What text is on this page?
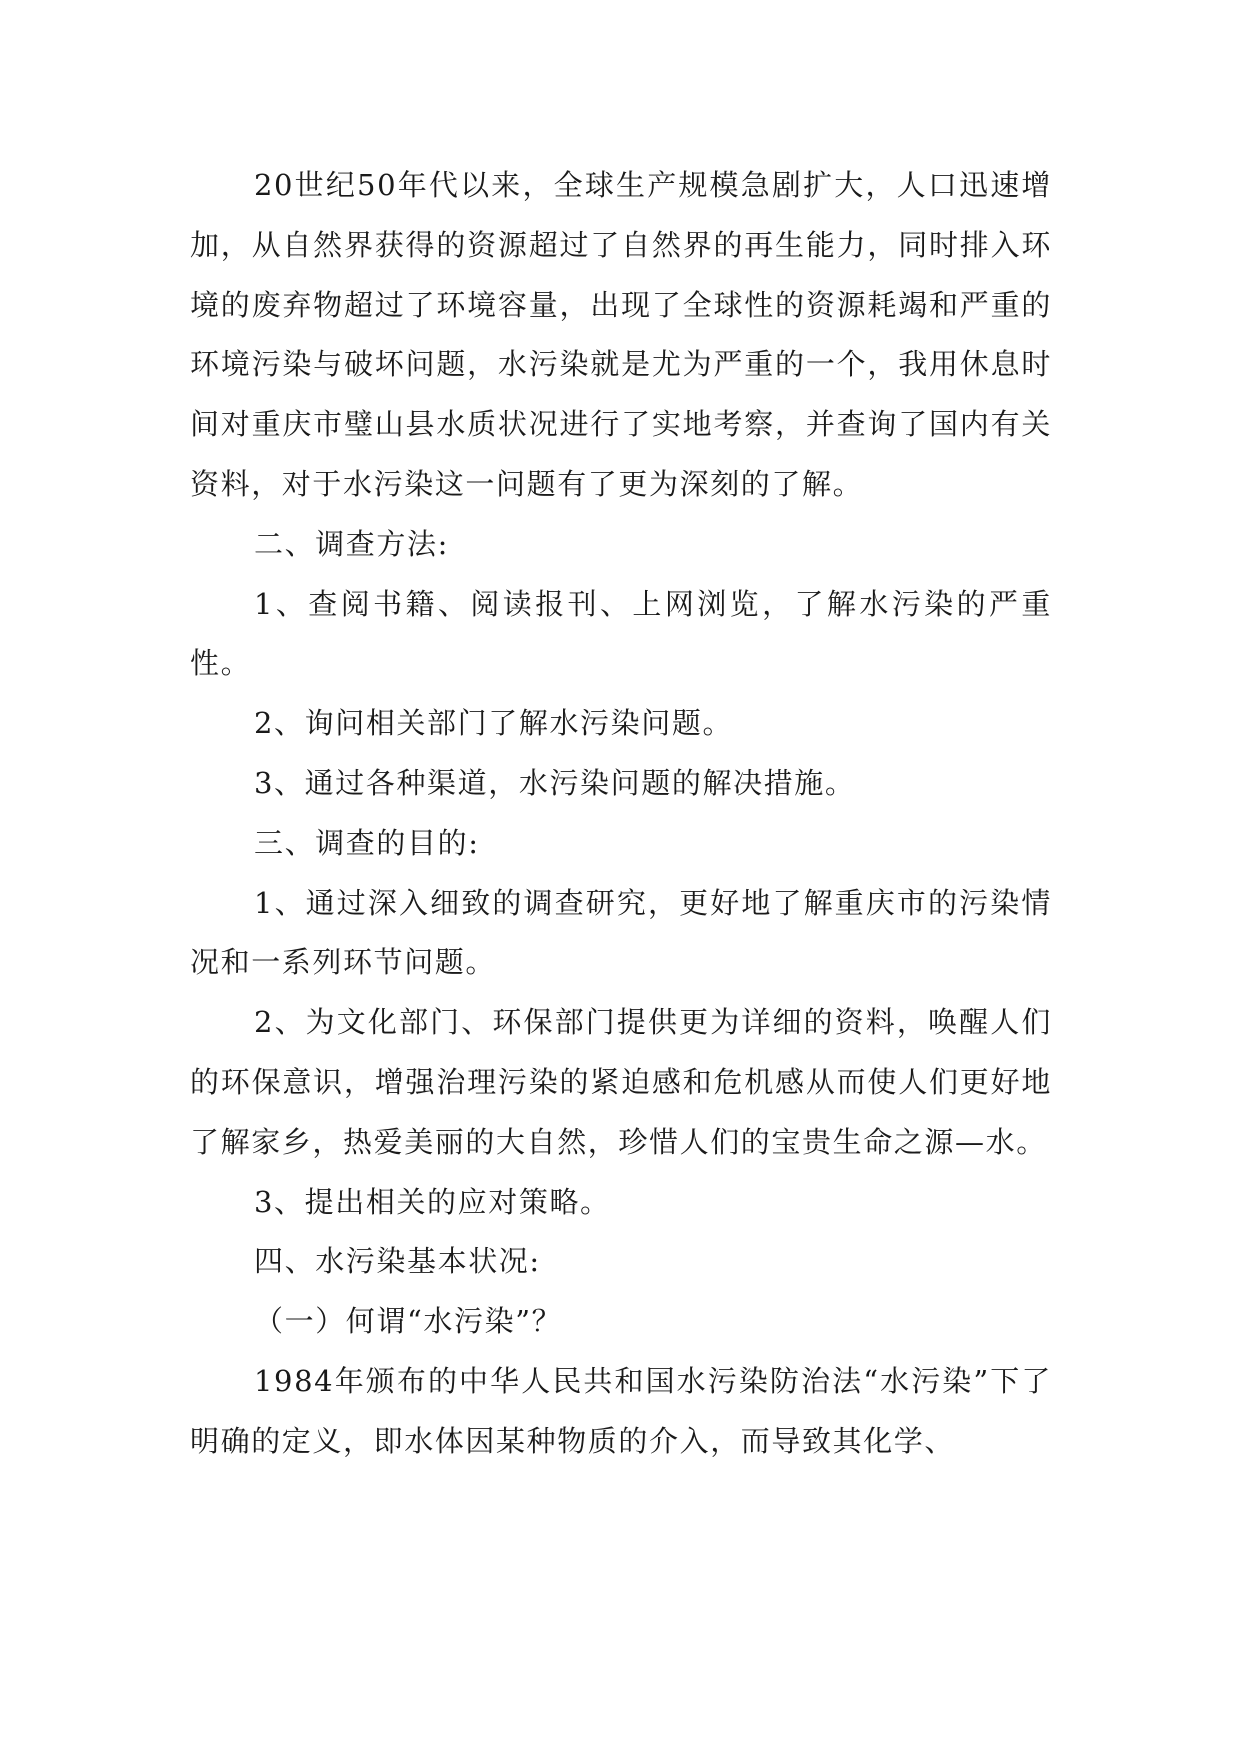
20世纪50年代以来，全球生产规模急剧扩大，人口迅速增加，从自然界获得的资源超过了自然界的再生能力，同时排入环境的废弃物超过了环境容量，出现了全球性的资源耗竭和严重的环境污染与破坏问题，水污染就是尤为严重的一个，我用休息时间对重庆市璧山县水质状况进行了实地考察，并查询了国内有关资料，对于水污染这一问题有了更为深刻的了解。

二、调查方法:

1、查阅书籍、阅读报刊、上网浏览，了解水污染的严重性。

2、询问相关部门了解水污染问题。

3、通过各种渠道，水污染问题的解决措施。

三、调查的目的:

1、通过深入细致的调查研究，更好地了解重庆市的污染情况和一系列环节问题。

2、为文化部门、环保部门提供更为详细的资料，唤醒人们的环保意识，增强治理污染的紧迫感和危机感从而使人们更好地了解家乡，热爱美丽的大自然，珍惜人们的宝贵生命之源—水。

3、提出相关的应对策略。

四、水污染基本状况:

（一）何谓“水污染”？

1984年颁布的中华人民共和国水污染防治法“水污染”下了明确的定义，即水体因某种物质的介入，而导致其化学、
